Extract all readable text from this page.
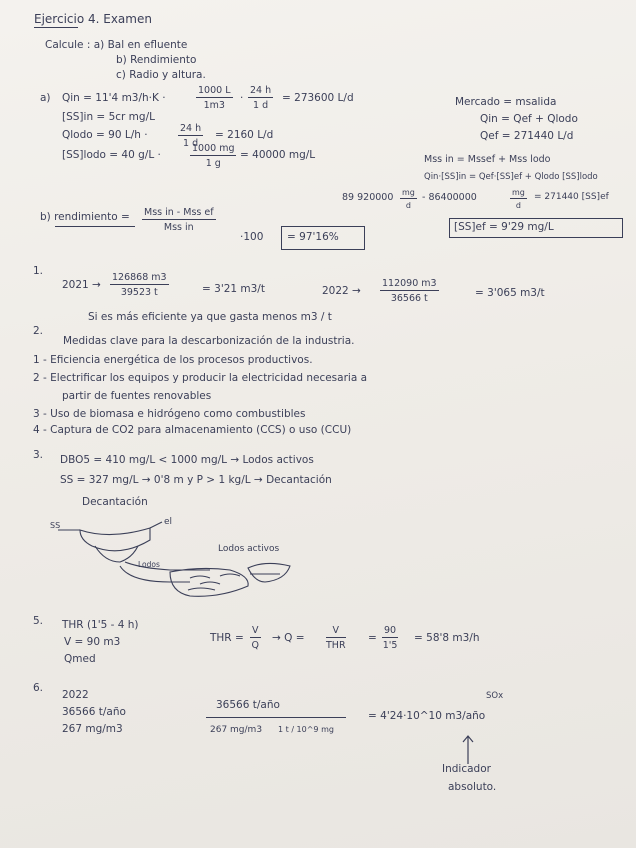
Ejercicio 4. Examen
Calcule : a) Bal en efluente
b) Rendimiento
c) Radio y altura.
a) Qin = 11'4 m3/h·K ·	$\frac{1000 L}{1m3} \cdot \frac{24 h}{1 d} = 273600$ L/d
[SS]in = 5cr mg/L
Qlodo = 90 L/h ·	$\frac{24 h}{1 d} = 2160$ L/d
[SS]lodo = 40 g/L ·	$\frac{1000 mg}{1 g} = 40000$ mg/L
Mercado = msalida
Qin = Qef + Qlodo
Qef = 271440 L/d
Mss in = Mssef + Mss lodo
Qin·[SS]in = Qef·[SS]ef + Qlodo [SS]lodo
89 $920000 \frac{mg}{d} - 86400000$	$\frac{mg}{d} = 271440$ [SS]ef
[SS]ef = 9'29 mg/L
b) rendimiento = Mss in - Mss ef
Mss in
·100 = 97'16%
1.
$2021 \to \frac{126868 m3}{39523 t}$	= 3'21 m3/t	$2022 \to \frac{112090 m3}{36566 t}$	= 3'065 m3/t
Si es más eficiente ya que gasta menos m3 / t
2.
Medidas clave para la descarbonización de la industria.
1 - Eficiencia energética de los procesos productivos.
2 - Electrificar los equipos y producir la electricidad necesaria a
partir de fuentes renovables
3 - Uso de biomasa e hidrógeno como combustibles
4 - Captura de CO2 para almacenamiento (CCS) o uso (CCU)
3. DBO5 = 410 mg/L < 1000 mg/L → Lodos activos
SS = 327 mg/L → 0'8 m y P > 1 kg/L → Decantación
Decantación
SS	el
Lodos activos
Lodos
5. THR (1'5 - 4 h)
V = 90 m3
Qmed
THR = $\frac{V}{Q} \to Q$ =
V
THR
= $\frac{90}{1'5} = 58'8$ m3/h
6.
2022
36566 t/año
267 mg/m3
36566 t/año
267 mg/m3 1 t / 10^9 mg
SOx
= 4'24·10^10 m3/año
Indicador
absoluto.
